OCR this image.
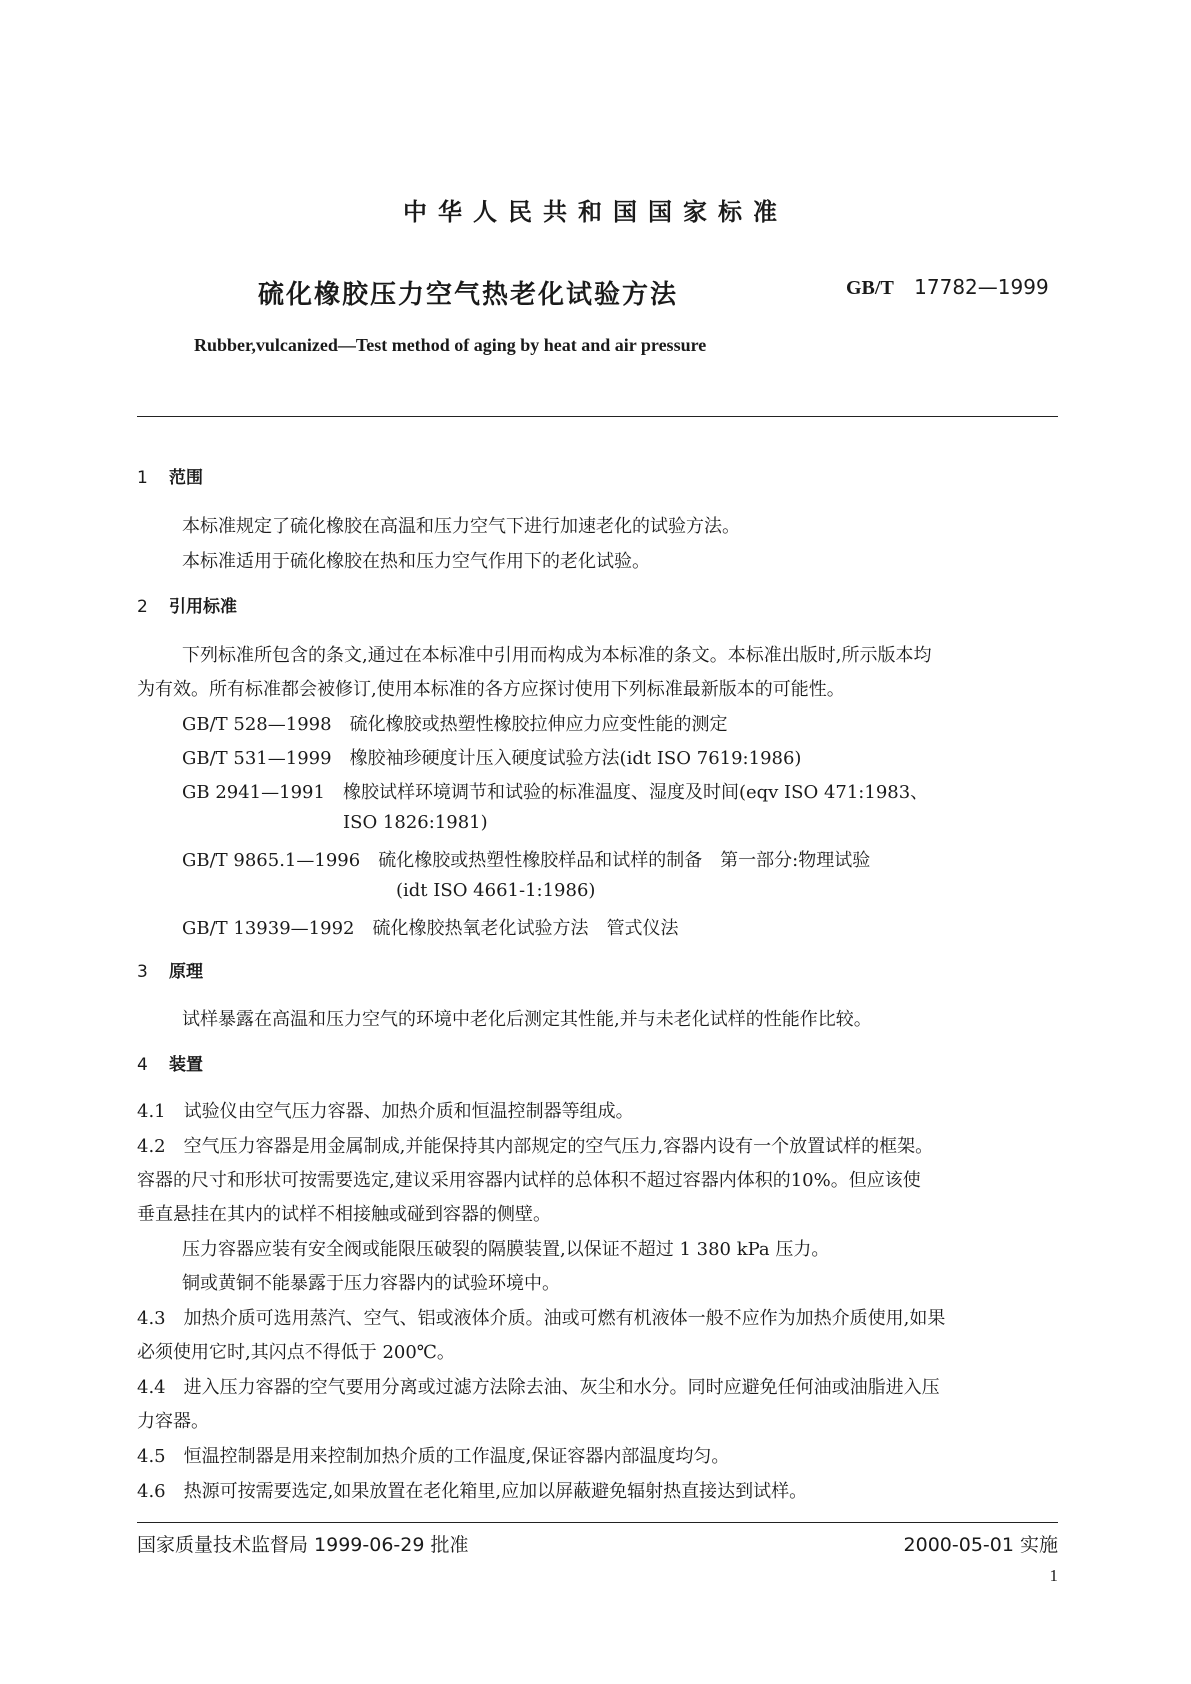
中华人民共和国国家标准
硫化橡胶压力空气热老化试验方法	GB/T 17782—1999
Rubber,vulcanized—Test method of aging by heat and air pressure
1 范围
本标准规定了硫化橡胶在高温和压力空气下进行加速老化的试验方法。
本标准适用于硫化橡胶在热和压力空气作用下的老化试验。
2 引用标准
下列标准所包含的条文,通过在本标准中引用而构成为本标准的条文。本标准出版时,所示版本均
为有效。所有标准都会被修订,使用本标准的各方应探讨使用下列标准最新版本的可能性。
GB/T 528—1998　硫化橡胶或热塑性橡胶拉伸应力应变性能的测定
GB/T 531—1999　橡胶袖珍硬度计压入硬度试验方法(idt ISO 7619:1986)
GB 2941—1991　橡胶试样环境调节和试验的标准温度、湿度及时间(eqv ISO 471:1983、
ISO 1826:1981)
GB/T 9865.1—1996　硫化橡胶或热塑性橡胶样品和试样的制备　第一部分:物理试验
(idt ISO 4661-1:1986)
GB/T 13939—1992　硫化橡胶热氧老化试验方法　管式仪法
3 原理
试样暴露在高温和压力空气的环境中老化后测定其性能,并与未老化试样的性能作比较。
4 装置
4.1　试验仪由空气压力容器、加热介质和恒温控制器等组成。
4.2　空气压力容器是用金属制成,并能保持其内部规定的空气压力,容器内设有一个放置试样的框架。
容器的尺寸和形状可按需要选定,建议采用容器内试样的总体积不超过容器内体积的10%。但应该使
垂直悬挂在其内的试样不相接触或碰到容器的侧壁。
压力容器应装有安全阀或能限压破裂的隔膜装置,以保证不超过 1 380 kPa 压力。
铜或黄铜不能暴露于压力容器内的试验环境中。
4.3　加热介质可选用蒸汽、空气、铝或液体介质。油或可燃有机液体一般不应作为加热介质使用,如果
必须使用它时,其闪点不得低于 200℃。
4.4　进入压力容器的空气要用分离或过滤方法除去油、灰尘和水分。同时应避免任何油或油脂进入压
力容器。
4.5　恒温控制器是用来控制加热介质的工作温度,保证容器内部温度均匀。
4.6　热源可按需要选定,如果放置在老化箱里,应加以屏蔽避免辐射热直接达到试样。
国家质量技术监督局 1999-06-29 批准	2000-05-01 实施
1
